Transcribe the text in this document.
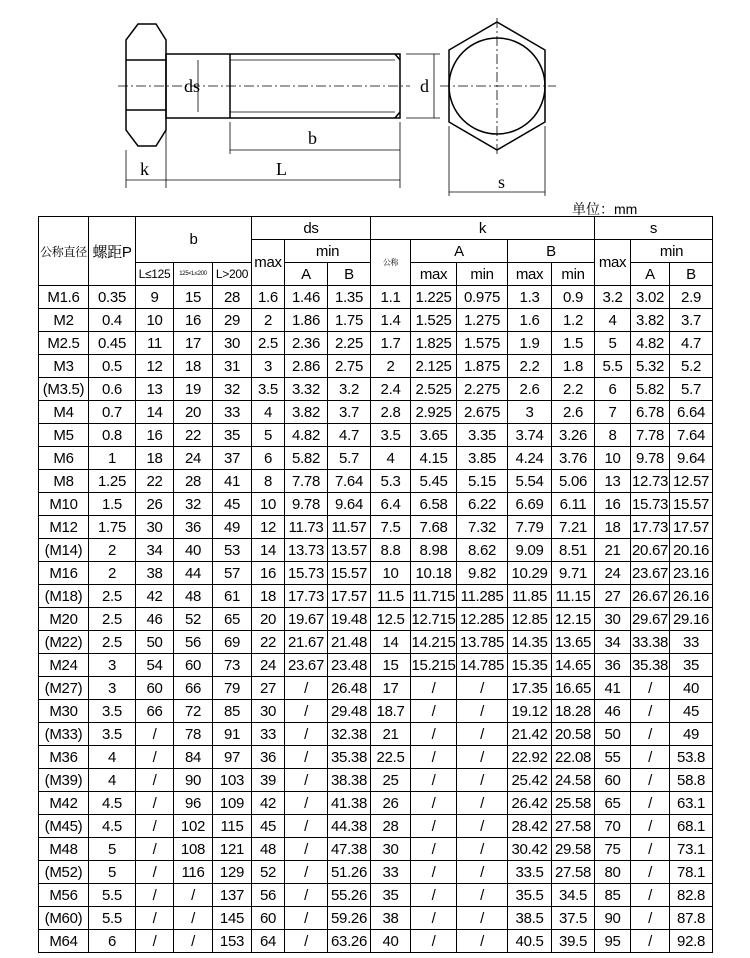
ds	d
b
k	L
s
单位：mm
公称直径	螺距P	b			ds			k					s		
					max	min		公称	A		B		max	min	
		L≤125	125<L≤200	L>200		A	B		max	min	max	min		A	B
M1.6	0.35	9	15	28	1.6	1.46	1.35	1.1	1.225	0.975	1.3	0.9	3.2	3.02	2.9
M2	0.4	10	16	29	2	1.86	1.75	1.4	1.525	1.275	1.6	1.2	4	3.82	3.7
M2.5	0.45	11	17	30	2.5	2.36	2.25	1.7	1.825	1.575	1.9	1.5	5	4.82	4.7
M3	0.5	12	18	31	3	2.86	2.75	2	2.125	1.875	2.2	1.8	5.5	5.32	5.2
(M3.5)	0.6	13	19	32	3.5	3.32	3.2	2.4	2.525	2.275	2.6	2.2	6	5.82	5.7
M4	0.7	14	20	33	4	3.82	3.7	2.8	2.925	2.675	3	2.6	7	6.78	6.64
M5	0.8	16	22	35	5	4.82	4.7	3.5	3.65	3.35	3.74	3.26	8	7.78	7.64
M6	1	18	24	37	6	5.82	5.7	4	4.15	3.85	4.24	3.76	10	9.78	9.64
M8	1.25	22	28	41	8	7.78	7.64	5.3	5.45	5.15	5.54	5.06	13	12.73	12.57
M10	1.5	26	32	45	10	9.78	9.64	6.4	6.58	6.22	6.69	6.11	16	15.73	15.57
M12	1.75	30	36	49	12	11.73	11.57	7.5	7.68	7.32	7.79	7.21	18	17.73	17.57
(M14)	2	34	40	53	14	13.73	13.57	8.8	8.98	8.62	9.09	8.51	21	20.67	20.16
M16	2	38	44	57	16	15.73	15.57	10	10.18	9.82	10.29	9.71	24	23.67	23.16
(M18)	2.5	42	48	61	18	17.73	17.57	11.5	11.715	11.285	11.85	11.15	27	26.67	26.16
M20	2.5	46	52	65	20	19.67	19.48	12.5	12.715	12.285	12.85	12.15	30	29.67	29.16
(M22)	2.5	50	56	69	22	21.67	21.48	14	14.215	13.785	14.35	13.65	34	33.38	33
M24	3	54	60	73	24	23.67	23.48	15	15.215	14.785	15.35	14.65	36	35.38	35
(M27)	3	60	66	79	27	/	26.48	17	/	/	17.35	16.65	41	/	40
M30	3.5	66	72	85	30	/	29.48	18.7	/	/	19.12	18.28	46	/	45
(M33)	3.5	/	78	91	33	/	32.38	21	/	/	21.42	20.58	50	/	49
M36	4	/	84	97	36	/	35.38	22.5	/	/	22.92	22.08	55	/	53.8
(M39)	4	/	90	103	39	/	38.38	25	/	/	25.42	24.58	60	/	58.8
M42	4.5	/	96	109	42	/	41.38	26	/	/	26.42	25.58	65	/	63.1
(M45)	4.5	/	102	115	45	/	44.38	28	/	/	28.42	27.58	70	/	68.1
M48	5	/	108	121	48	/	47.38	30	/	/	30.42	29.58	75	/	73.1
(M52)	5	/	116	129	52	/	51.26	33	/	/	33.5	27.58	80	/	78.1
M56	5.5	/	/	137	56	/	55.26	35	/	/	35.5	34.5	85	/	82.8
(M60)	5.5	/	/	145	60	/	59.26	38	/	/	38.5	37.5	90	/	87.8
M64	6	/	/	153	64	/	63.26	40	/	/	40.5	39.5	95	/	92.8
